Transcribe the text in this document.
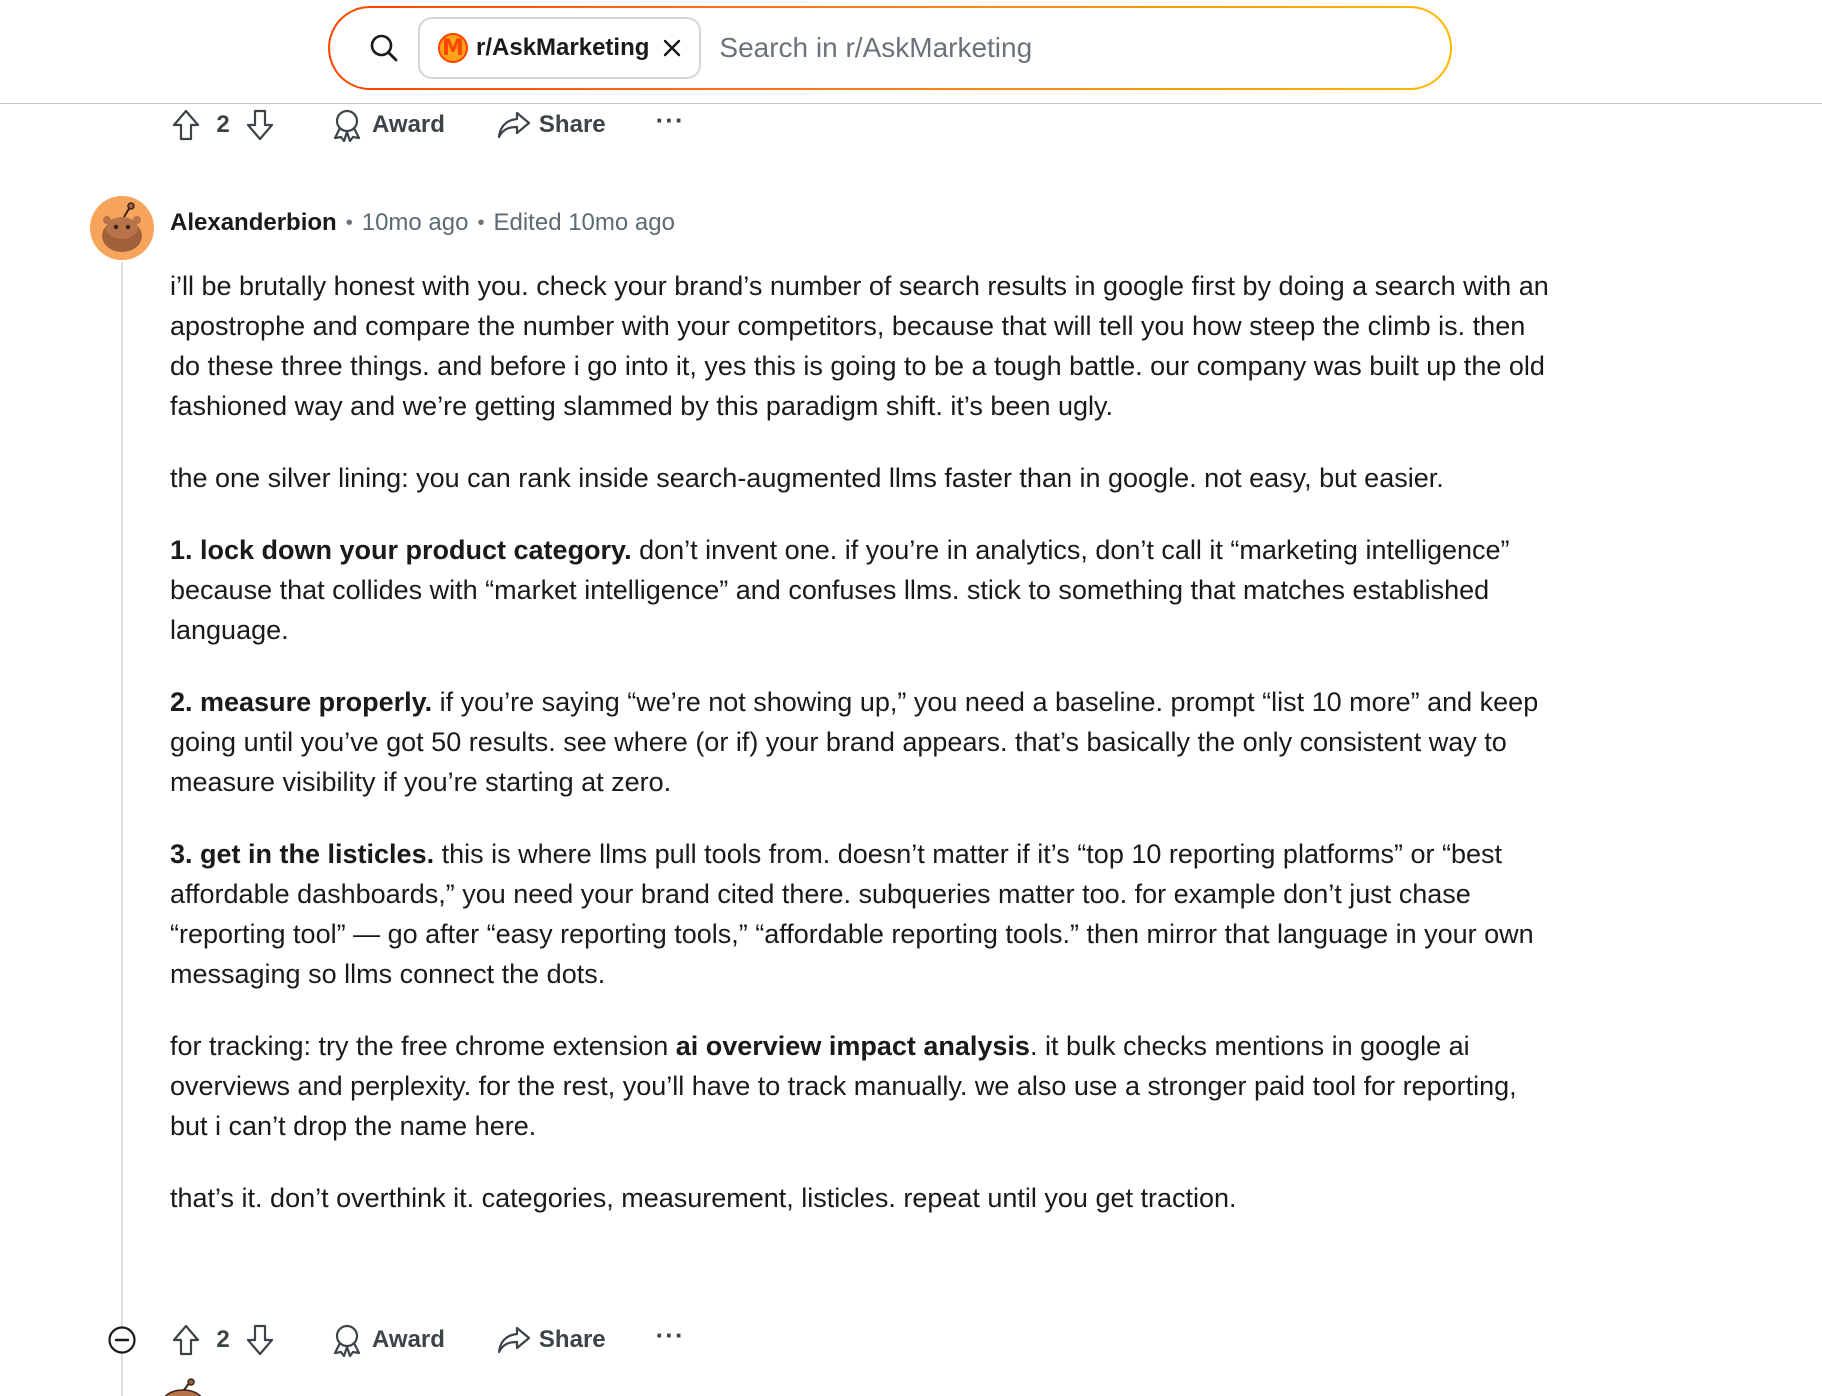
M r/AskMarketing
Search in r/AskMarketing
2	Award	Share ···
Alexanderbion • 10mo ago • Edited 10mo ago

i’ll be brutally honest with you. check your brand’s number of search results in google first by doing a search with an apostrophe and compare the number with your competitors, because that will tell you how steep the climb is. then do these three things. and before i go into it, yes this is going to be a tough battle. our company was built up the old fashioned way and we’re getting slammed by this paradigm shift. it’s been ugly.

the one silver lining: you can rank inside search-augmented llms faster than in google. not easy, but easier.

1. lock down your product category. don’t invent one. if you’re in analytics, don’t call it “marketing intelligence” because that collides with “market intelligence” and confuses llms. stick to something that matches established language.

2. measure properly. if you’re saying “we’re not showing up,” you need a baseline. prompt “list 10 more” and keep going until you’ve got 50 results. see where (or if) your brand appears. that’s basically the only consistent way to measure visibility if you’re starting at zero.

3. get in the listicles. this is where llms pull tools from. doesn’t matter if it’s “top 10 reporting platforms” or “best affordable dashboards,” you need your brand cited there. subqueries matter too. for example don’t just chase “reporting tool” — go after “easy reporting tools,” “affordable reporting tools.” then mirror that language in your own messaging so llms connect the dots.

for tracking: try the free chrome extension ai overview impact analysis. it bulk checks mentions in google ai overviews and perplexity. for the rest, you’ll have to track manually. we also use a stronger paid tool for reporting, but i can’t drop the name here.

that’s it. don’t overthink it. categories, measurement, listicles. repeat until you get traction.

2	Award	Share ···
